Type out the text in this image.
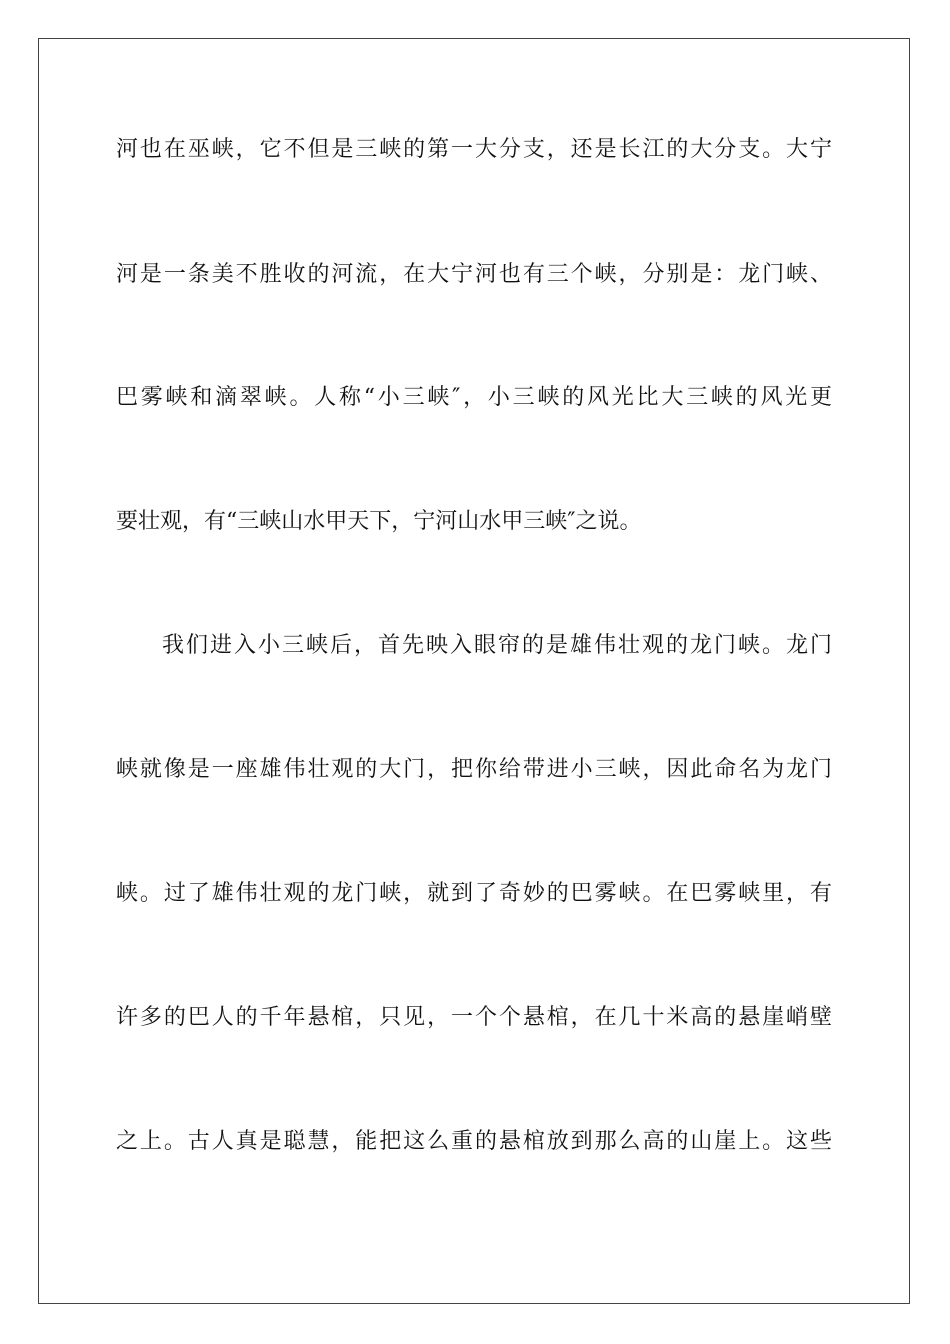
河也在巫峡，它不但是三峡的第一大分支，还是长江的大分支。大宁
河是一条美不胜收的河流，在大宁河也有三个峡，分别是：龙门峡、
巴雾峡和滴翠峡。人称“小三峡″，小三峡的风光比大三峡的风光更
要壮观，有“三峡山水甲天下，宁河山水甲三峡″之说。
我们进入小三峡后，首先映入眼帘的是雄伟壮观的龙门峡。龙门
峡就像是一座雄伟壮观的大门，把你给带进小三峡，因此命名为龙门
峡。过了雄伟壮观的龙门峡，就到了奇妙的巴雾峡。在巴雾峡里，有
许多的巴人的千年悬棺，只见，一个个悬棺，在几十米高的悬崖峭壁
之上。古人真是聪慧，能把这么重的悬棺放到那么高的山崖上。这些
